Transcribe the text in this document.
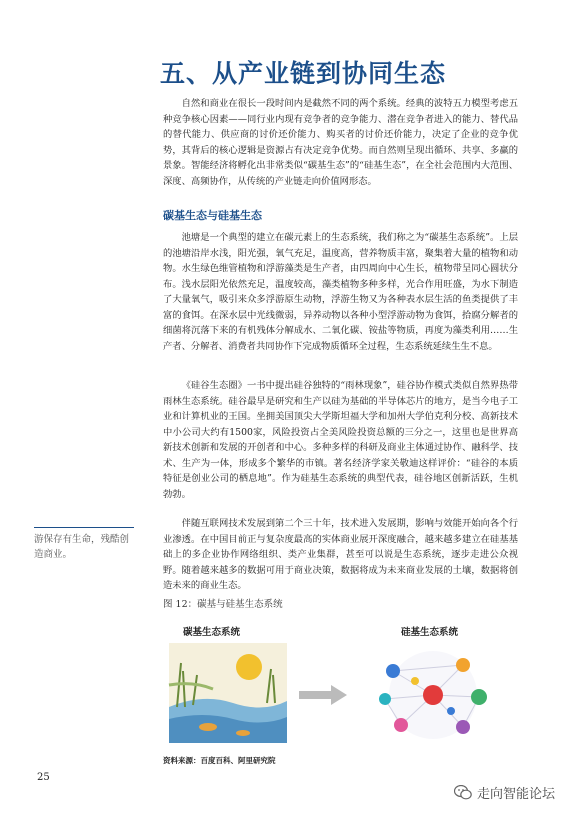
五、从产业链到协同生态

自然和商业在很长一段时间内是截然不同的两个系统。经典的波特五力模型考虑五种竞争核心因素——同行业内现有竞争者的竞争能力、潜在竞争者进入的能力、替代品的替代能力、供应商的讨价还价能力、购买者的讨价还价能力，决定了企业的竞争优势，其背后的核心逻辑是资源占有决定竞争优势。而自然则呈现出循环、共享、多赢的景象。智能经济将孵化出非常类似“碳基生态”的“硅基生态”，在全社会范围内大范围、深度、高频协作，从传统的产业链走向价值网形态。

碳基生态与硅基生态

池塘是一个典型的建立在碳元素上的生态系统，我们称之为“碳基生态系统”。上层的池塘沿岸水浅，阳光强，氧气充足，温度高，营养物质丰富，聚集着大量的植物和动物。水生绿色维管植物和浮游藻类是生产者，由四周向中心生长，植物带呈同心圆状分布。浅水层阳光依然充足，温度较高，藻类植物多种多样，光合作用旺盛，为水下制造了大量氧气，吸引来众多浮游原生动物，浮游生物又为各种表水层生活的鱼类提供了丰富的食饵。在深水层中光线微弱，异养动物以各种小型浮游动物为食饵，拾腐分解者的细菌将沉落下来的有机残体分解成水、二氧化碳、铵盐等物质，再度为藻类利用……生产者、分解者、消费者共同协作下完成物质循环全过程，生态系统延续生生不息。

《硅谷生态圈》一书中提出硅谷独特的“雨林现象”，硅谷协作模式类似自然界热带雨林生态系统。硅谷最早是研究和生产以硅为基础的半导体芯片的地方，是当今电子工业和计算机业的王国。坐拥美国顶尖大学斯坦福大学和加州大学伯克利分校、高新技术中小公司大约有1500家，风险投资占全美风险投资总额的三分之一，这里也是世界高新技术创新和发展的开创者和中心。多种多样的科研及商业主体通过协作、融科学、技术、生产为一体，形成多个繁华的市镇。著名经济学家关敬迪这样评价：“硅谷的本质特征是创业公司的栖息地”。作为硅基生态系统的典型代表，硅谷地区创新活跃，生机勃勃。

游保存有生命，残酷创造商业。

伴随互联网技术发展到第二个三十年，技术进入发展期，影响与效能开始向各个行业渗透。在中国目前正与复杂度最高的实体商业展开深度融合，越来越多建立在硅基基础上的多企业协作网络组织、类产业集群，甚至可以说是生态系统，逐步走进公众视野。随着越来越多的数据可用于商业决策，数据将成为未来商业发展的土壤，数据将创造未来的商业生态。

图 12：碳基与硅基生态系统
碳基生态系统	硅基生态系统
资料来源：百度百科、阿里研究院
25
走向智能论坛
